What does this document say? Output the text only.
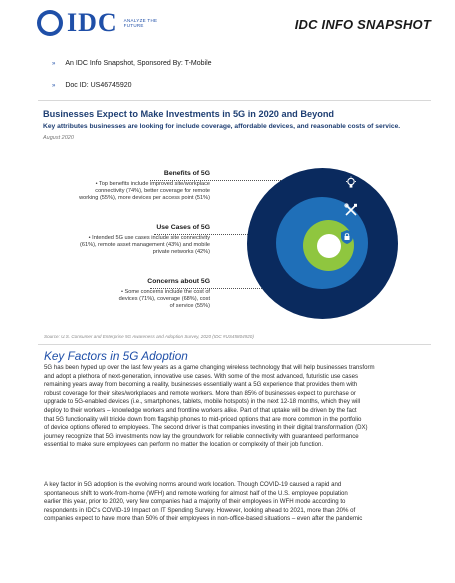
IDC ANALYZE THE FUTURE	IDC INFO SNAPSHOT
» An IDC Info Snapshot, Sponsored By: T-Mobile
» Doc ID: US46745920
Businesses Expect to Make Investments in 5G in 2020 and Beyond
Key attributes businesses are looking for include coverage, affordable devices, and reasonable costs of service.
August 2020
Benefits of 5G
• Top benefits include improved site/workplace
connectivity (74%), better coverage for remote
working (55%), more devices per access point (51%)
Use Cases of 5G
• Intended 5G use cases include site connectivity
(61%), remote asset management (43%) and mobile
private networks (42%)
Concerns about 5G
• Some concerns include the cost of
devices (71%), coverage (68%), cost
of service (55%)
Source: U.S. Consumer and Enterprise 5G Awareness and Adoption Survey, 2020 (IDC #US45804920)
Key Factors in 5G Adoption
5G has been hyped up over the last few years as a game changing wireless technology that will help businesses transform
and adopt a plethora of next-generation, innovative use cases. With some of the most advanced, futuristic use cases
remaining years away from becoming a reality, businesses essentially want a 5G experience that provides them with
robust coverage for their sites/workplaces and remote workers. More than 85% of businesses expect to purchase or
upgrade to 5G-enabled devices (i.e., smartphones, tablets, mobile hotspots) in the next 12-18 months, which they will
deploy to their workers – knowledge workers and frontline workers alike. Part of that uptake will be driven by the fact
that 5G functionality will trickle down from flagship phones to mid-priced options that are more common in the portfolio
of device options offered to employees. The second driver is that companies investing in their digital transformation (DX)
journey recognize that 5G investments now lay the groundwork for reliable connectivity with guaranteed performance
essential to make sure employees can perform no matter the location or complexity of their job function.
A key factor in 5G adoption is the evolving norms around work location. Though COVID-19 caused a rapid and
spontaneous shift to work-from-home (WFH) and remote working for almost half of the U.S. employee population
earlier this year, prior to 2020, very few companies had a majority of their employees in WFH mode according to
respondents in IDC's COVID-19 Impact on IT Spending Survey. However, looking ahead to 2021, more than 20% of
companies expect to have more than 50% of their employees in non-office-based situations – even after the pandemic
